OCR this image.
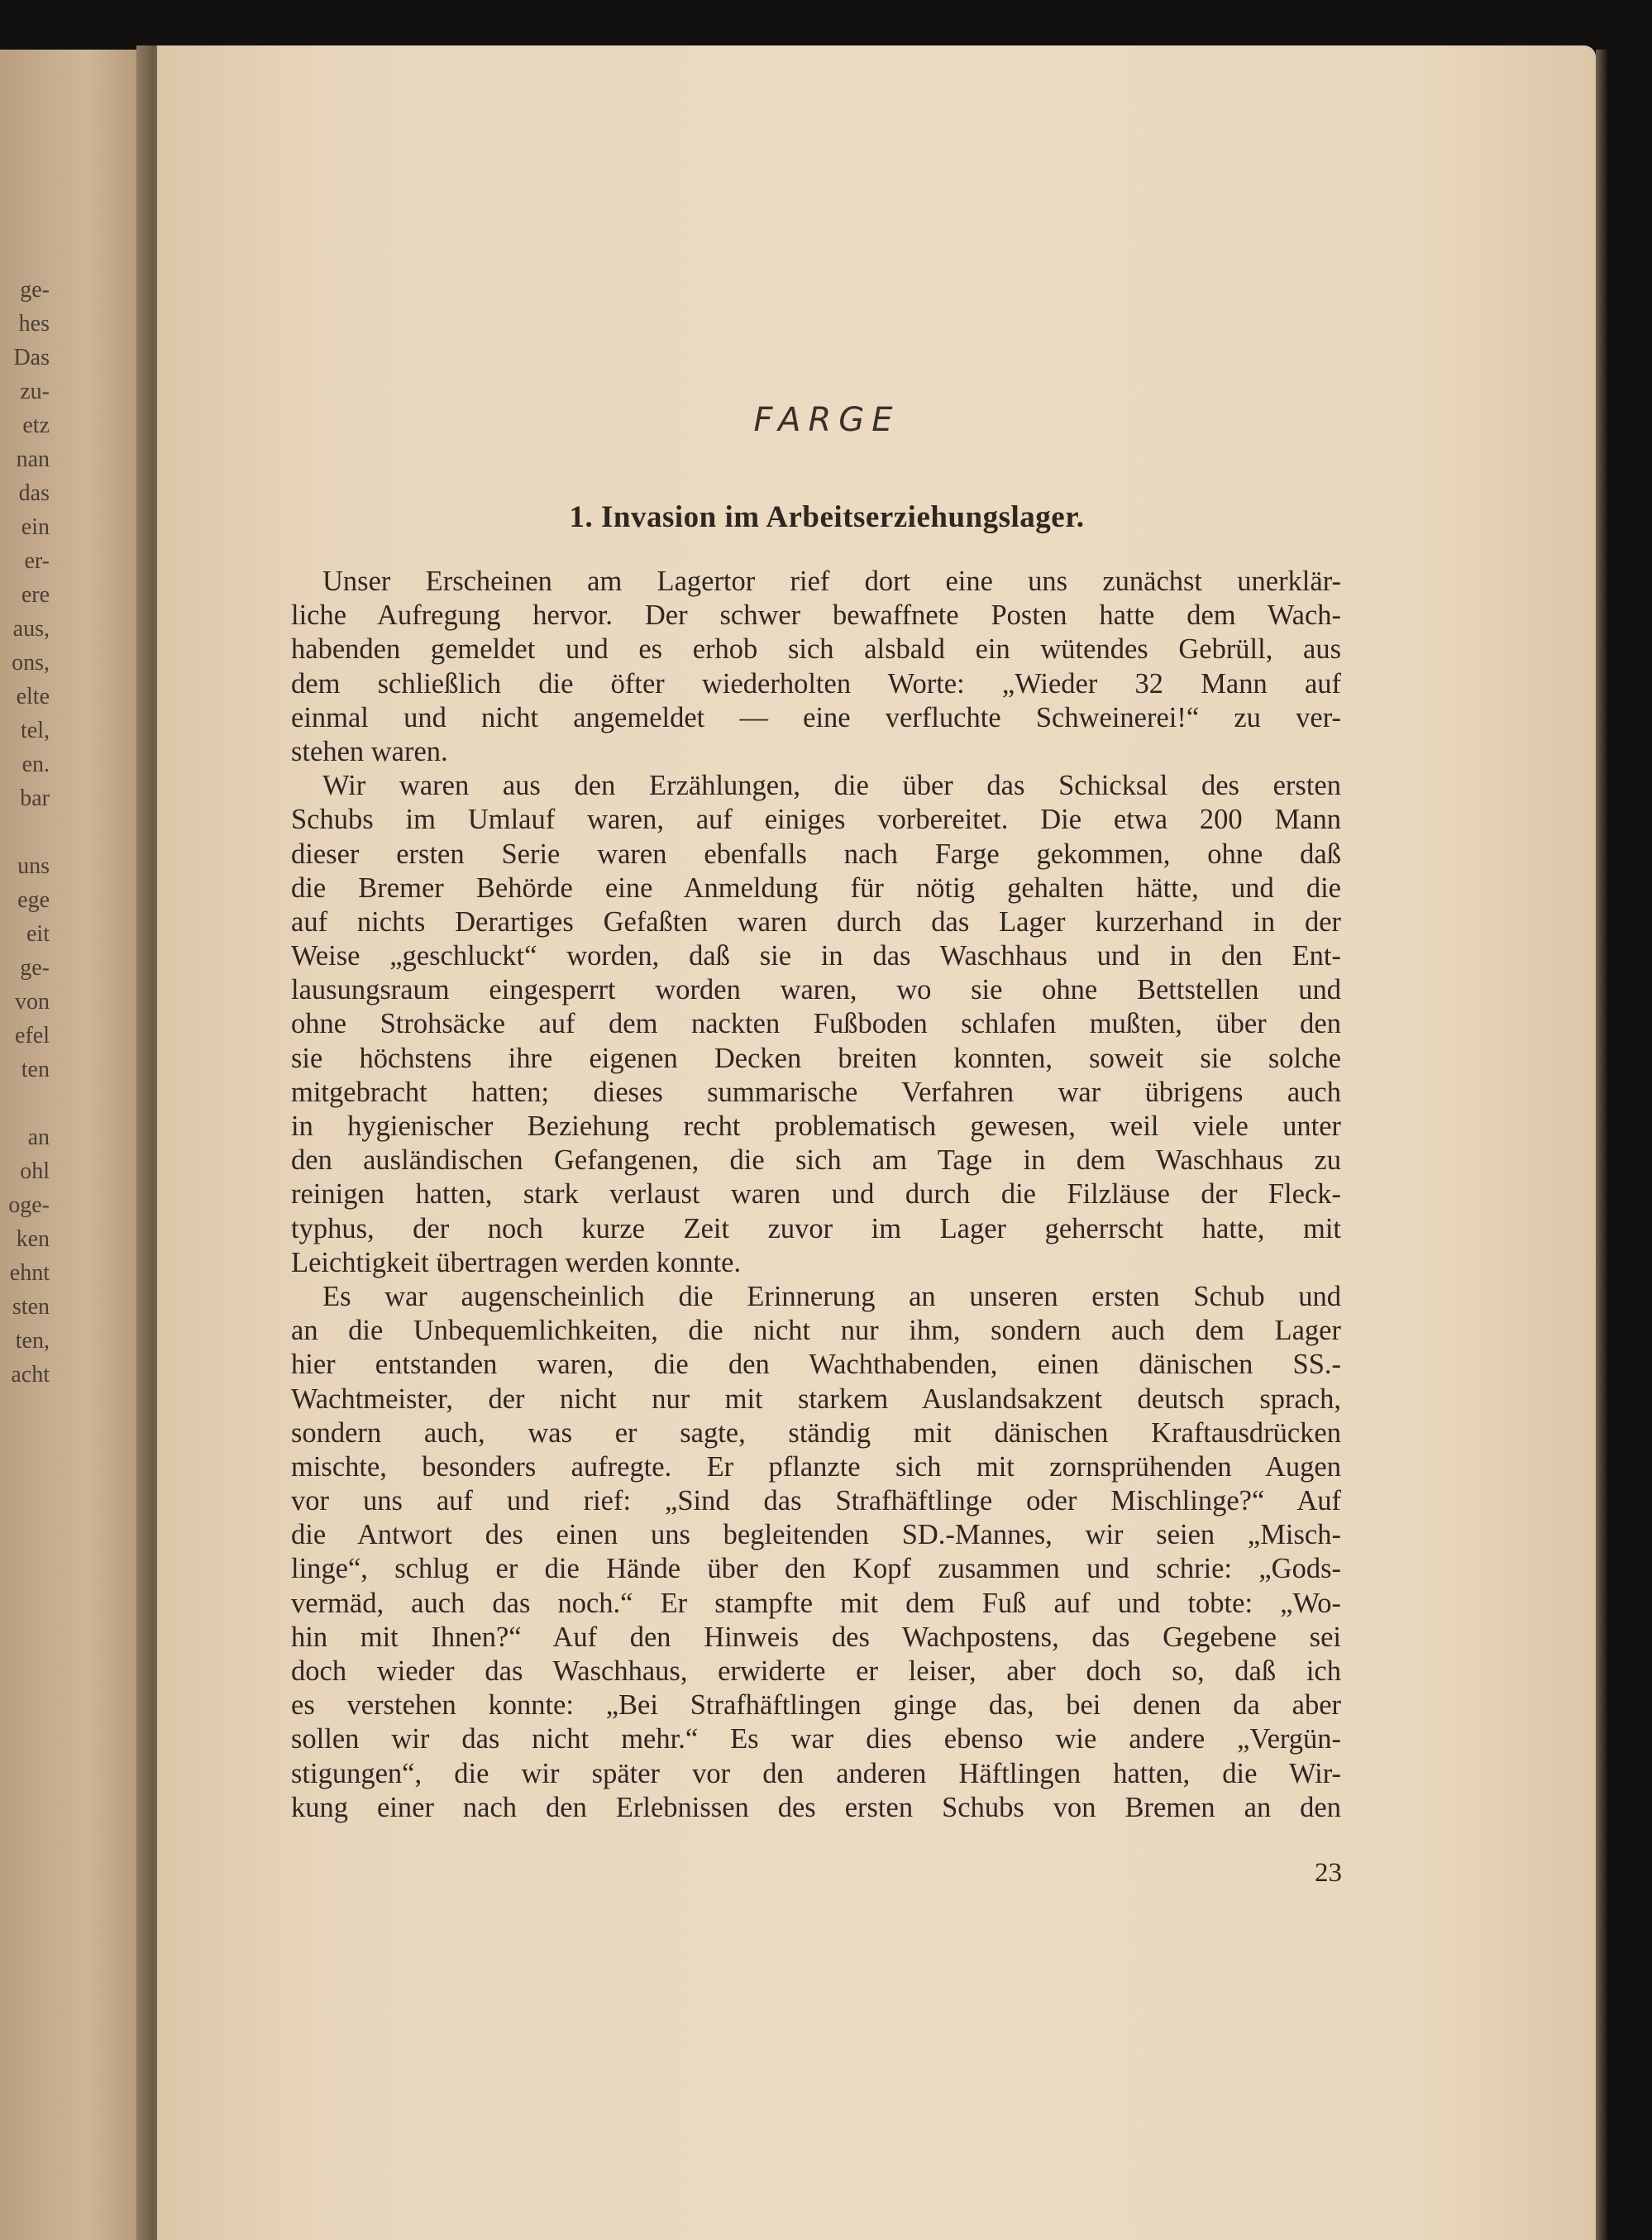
ge-
hes
Das
zu-
etz
nan
das
ein
er-
ere
aus,
ons,
elte
tel,
en.
bar
uns
ege
eit
ge-
von
efel
ten
an
ohl
oge-
ken
ehnt
sten
ten,
acht
FARGE
1. Invasion im Arbeitserziehungslager.
Unser Erscheinen am Lagertor rief dort eine uns zunächst unerklär-
liche Aufregung hervor. Der schwer bewaffnete Posten hatte dem Wach-
habenden gemeldet und es erhob sich alsbald ein wütendes Gebrüll, aus
dem schließlich die öfter wiederholten Worte: „Wieder 32 Mann auf
einmal und nicht angemeldet — eine verfluchte Schweinerei!“ zu ver-
stehen waren.
Wir waren aus den Erzählungen, die über das Schicksal des ersten
Schubs im Umlauf waren, auf einiges vorbereitet. Die etwa 200 Mann
dieser ersten Serie waren ebenfalls nach Farge gekommen, ohne daß
die Bremer Behörde eine Anmeldung für nötig gehalten hätte, und die
auf nichts Derartiges Gefaßten waren durch das Lager kurzerhand in der
Weise „geschluckt“ worden, daß sie in das Waschhaus und in den Ent-
lausungsraum eingesperrt worden waren, wo sie ohne Bettstellen und
ohne Strohsäcke auf dem nackten Fußboden schlafen mußten, über den
sie höchstens ihre eigenen Decken breiten konnten, soweit sie solche
mitgebracht hatten; dieses summarische Verfahren war übrigens auch
in hygienischer Beziehung recht problematisch gewesen, weil viele unter
den ausländischen Gefangenen, die sich am Tage in dem Waschhaus zu
reinigen hatten, stark verlaust waren und durch die Filzläuse der Fleck-
typhus, der noch kurze Zeit zuvor im Lager geherrscht hatte, mit
Leichtigkeit übertragen werden konnte.
Es war augenscheinlich die Erinnerung an unseren ersten Schub und
an die Unbequemlichkeiten, die nicht nur ihm, sondern auch dem Lager
hier entstanden waren, die den Wachthabenden, einen dänischen SS.-
Wachtmeister, der nicht nur mit starkem Auslandsakzent deutsch sprach,
sondern auch, was er sagte, ständig mit dänischen Kraftausdrücken
mischte, besonders aufregte. Er pflanzte sich mit zornsprühenden Augen
vor uns auf und rief: „Sind das Strafhäftlinge oder Mischlinge?“ Auf
die Antwort des einen uns begleitenden SD.-Mannes, wir seien „Misch-
linge“, schlug er die Hände über den Kopf zusammen und schrie: „Gods-
vermäd, auch das noch.“ Er stampfte mit dem Fuß auf und tobte: „Wo-
hin mit Ihnen?“ Auf den Hinweis des Wachpostens, das Gegebene sei
doch wieder das Waschhaus, erwiderte er leiser, aber doch so, daß ich
es verstehen konnte: „Bei Strafhäftlingen ginge das, bei denen da aber
sollen wir das nicht mehr.“ Es war dies ebenso wie andere „Vergün-
stigungen“, die wir später vor den anderen Häftlingen hatten, die Wir-
kung einer nach den Erlebnissen des ersten Schubs von Bremen an den
23
